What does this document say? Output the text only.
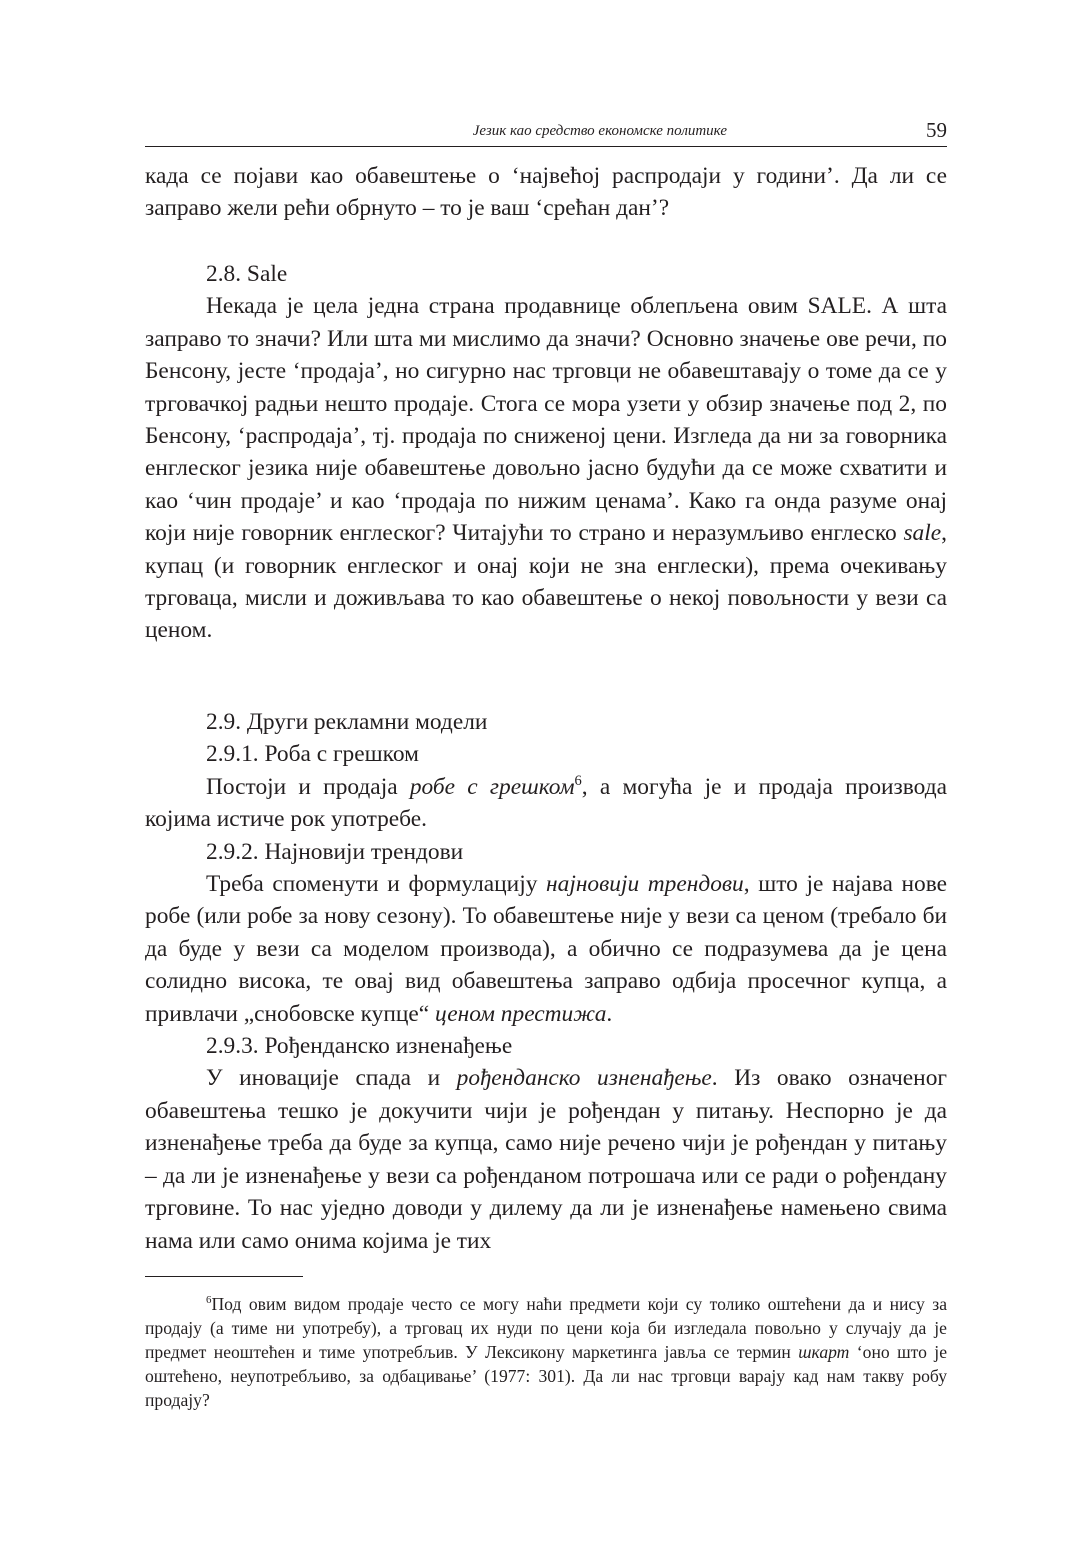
Језик као средство економске политике	59

када се појави као обавештење о ‘највећој распродаји у години’. Да ли се заправо жели рећи обрнуто – то је ваш ‘срећан дан’?

2.8. Sale

Некада је цела једна страна продавнице облепљена овим SALE. А шта заправо то значи? Или шта ми мислимо да значи? Основно значење ове речи, по Бенсону, јесте ‘продаја’, но сигурно нас трговци не обавештавају о томе да се у трговачкој радњи нешто продаје. Стога се мора узети у обзир значење под 2, по Бенсону, ‘распродаја’, тј. продаја по сниженој цени. Изгледа да ни за говорника енглеског језика није обавештење довољно јасно будући да се може схватити и као ‘чин продаје’ и као ‘продаја по нижим ценама’. Како га онда разуме онај који није говорник енглеског? Читајући то страно и неразумљиво енглеско sale, купац (и говорник енглеског и онај који не зна енглески), према очекивању трговаца, мисли и доживљава то као обавештење о некој повољности у вези са ценом.

2.9. Други рекламни модели
2.9.1. Роба с грешком

Постоји и продаја робе с грешком$^6$, а могућа је и продаја производа којима истиче рок употребе.

2.9.2. Најновији трендови

Треба споменути и формулацију најновији трендови, што је најава нове робе (или робе за нову сезону). То обавештење није у вези са ценом (требало би да буде у вези са моделом производа), а обично се подразумева да је цена солидно висока, те овај вид обавештења заправо одбија просечног купца, а привлачи „снобовске купце“ ценом престижа.

2.9.3. Рођенданско изненађење

У иновације спада и рођенданско изненађење. Из овако означеног обавештења тешко је докучити чији је рођендан у питању. Неспорно је да изненађење треба да буде за купца, само није речено чији је рођендан у питању – да ли је изненађење у вези са рођенданом потрошача или се ради о рођендану трговине. То нас уједно доводи у дилему да ли је изненађење намењено свима нама или само онима којима је тих

$^6$Под овим видом продаје често се могу наћи предмети који су толико оштећени да и нису за продају (а тиме ни употребу), а трговац их нуди по цени која би изгледала повољно у случају да је предмет неоштећен и тиме употребљив. У Лексикону маркетинга јавља се термин шкарт ‘оно што је оштећено, неупотребљиво, за одбацивање’ (1977: 301). Да ли нас трговци варају кад нам такву робу продају?
